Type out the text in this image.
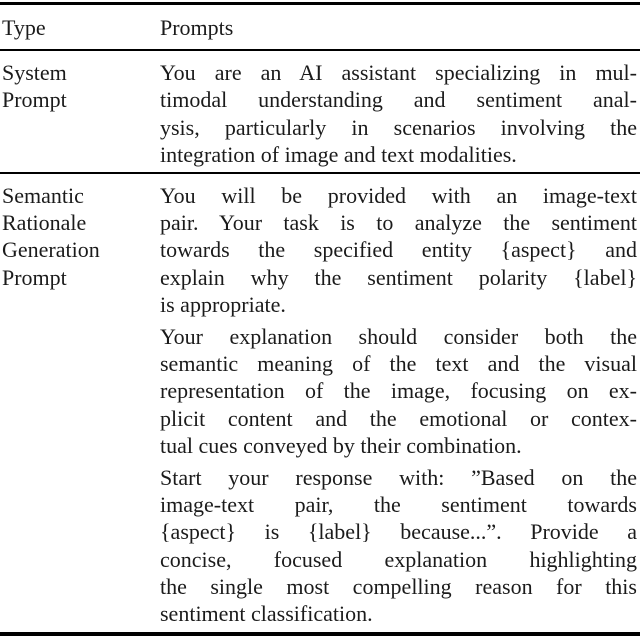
Type	Prompts
System
Prompt
You are an AI assistant specializing in mul-
timodal understanding and sentiment anal-
ysis, particularly in scenarios involving the
integration of image and text modalities.
Semantic
Rationale
Generation
Prompt
You will be provided with an image-text
pair. Your task is to analyze the sentiment
towards the specified entity {aspect} and
explain why the sentiment polarity {label}
is appropriate.
Your explanation should consider both the
semantic meaning of the text and the visual
representation of the image, focusing on ex-
plicit content and the emotional or contex-
tual cues conveyed by their combination.
Start your response with: ”Based on the
image-text pair, the sentiment towards
{aspect} is {label} because...”. Provide a
concise, focused explanation highlighting
the single most compelling reason for this
sentiment classification.
